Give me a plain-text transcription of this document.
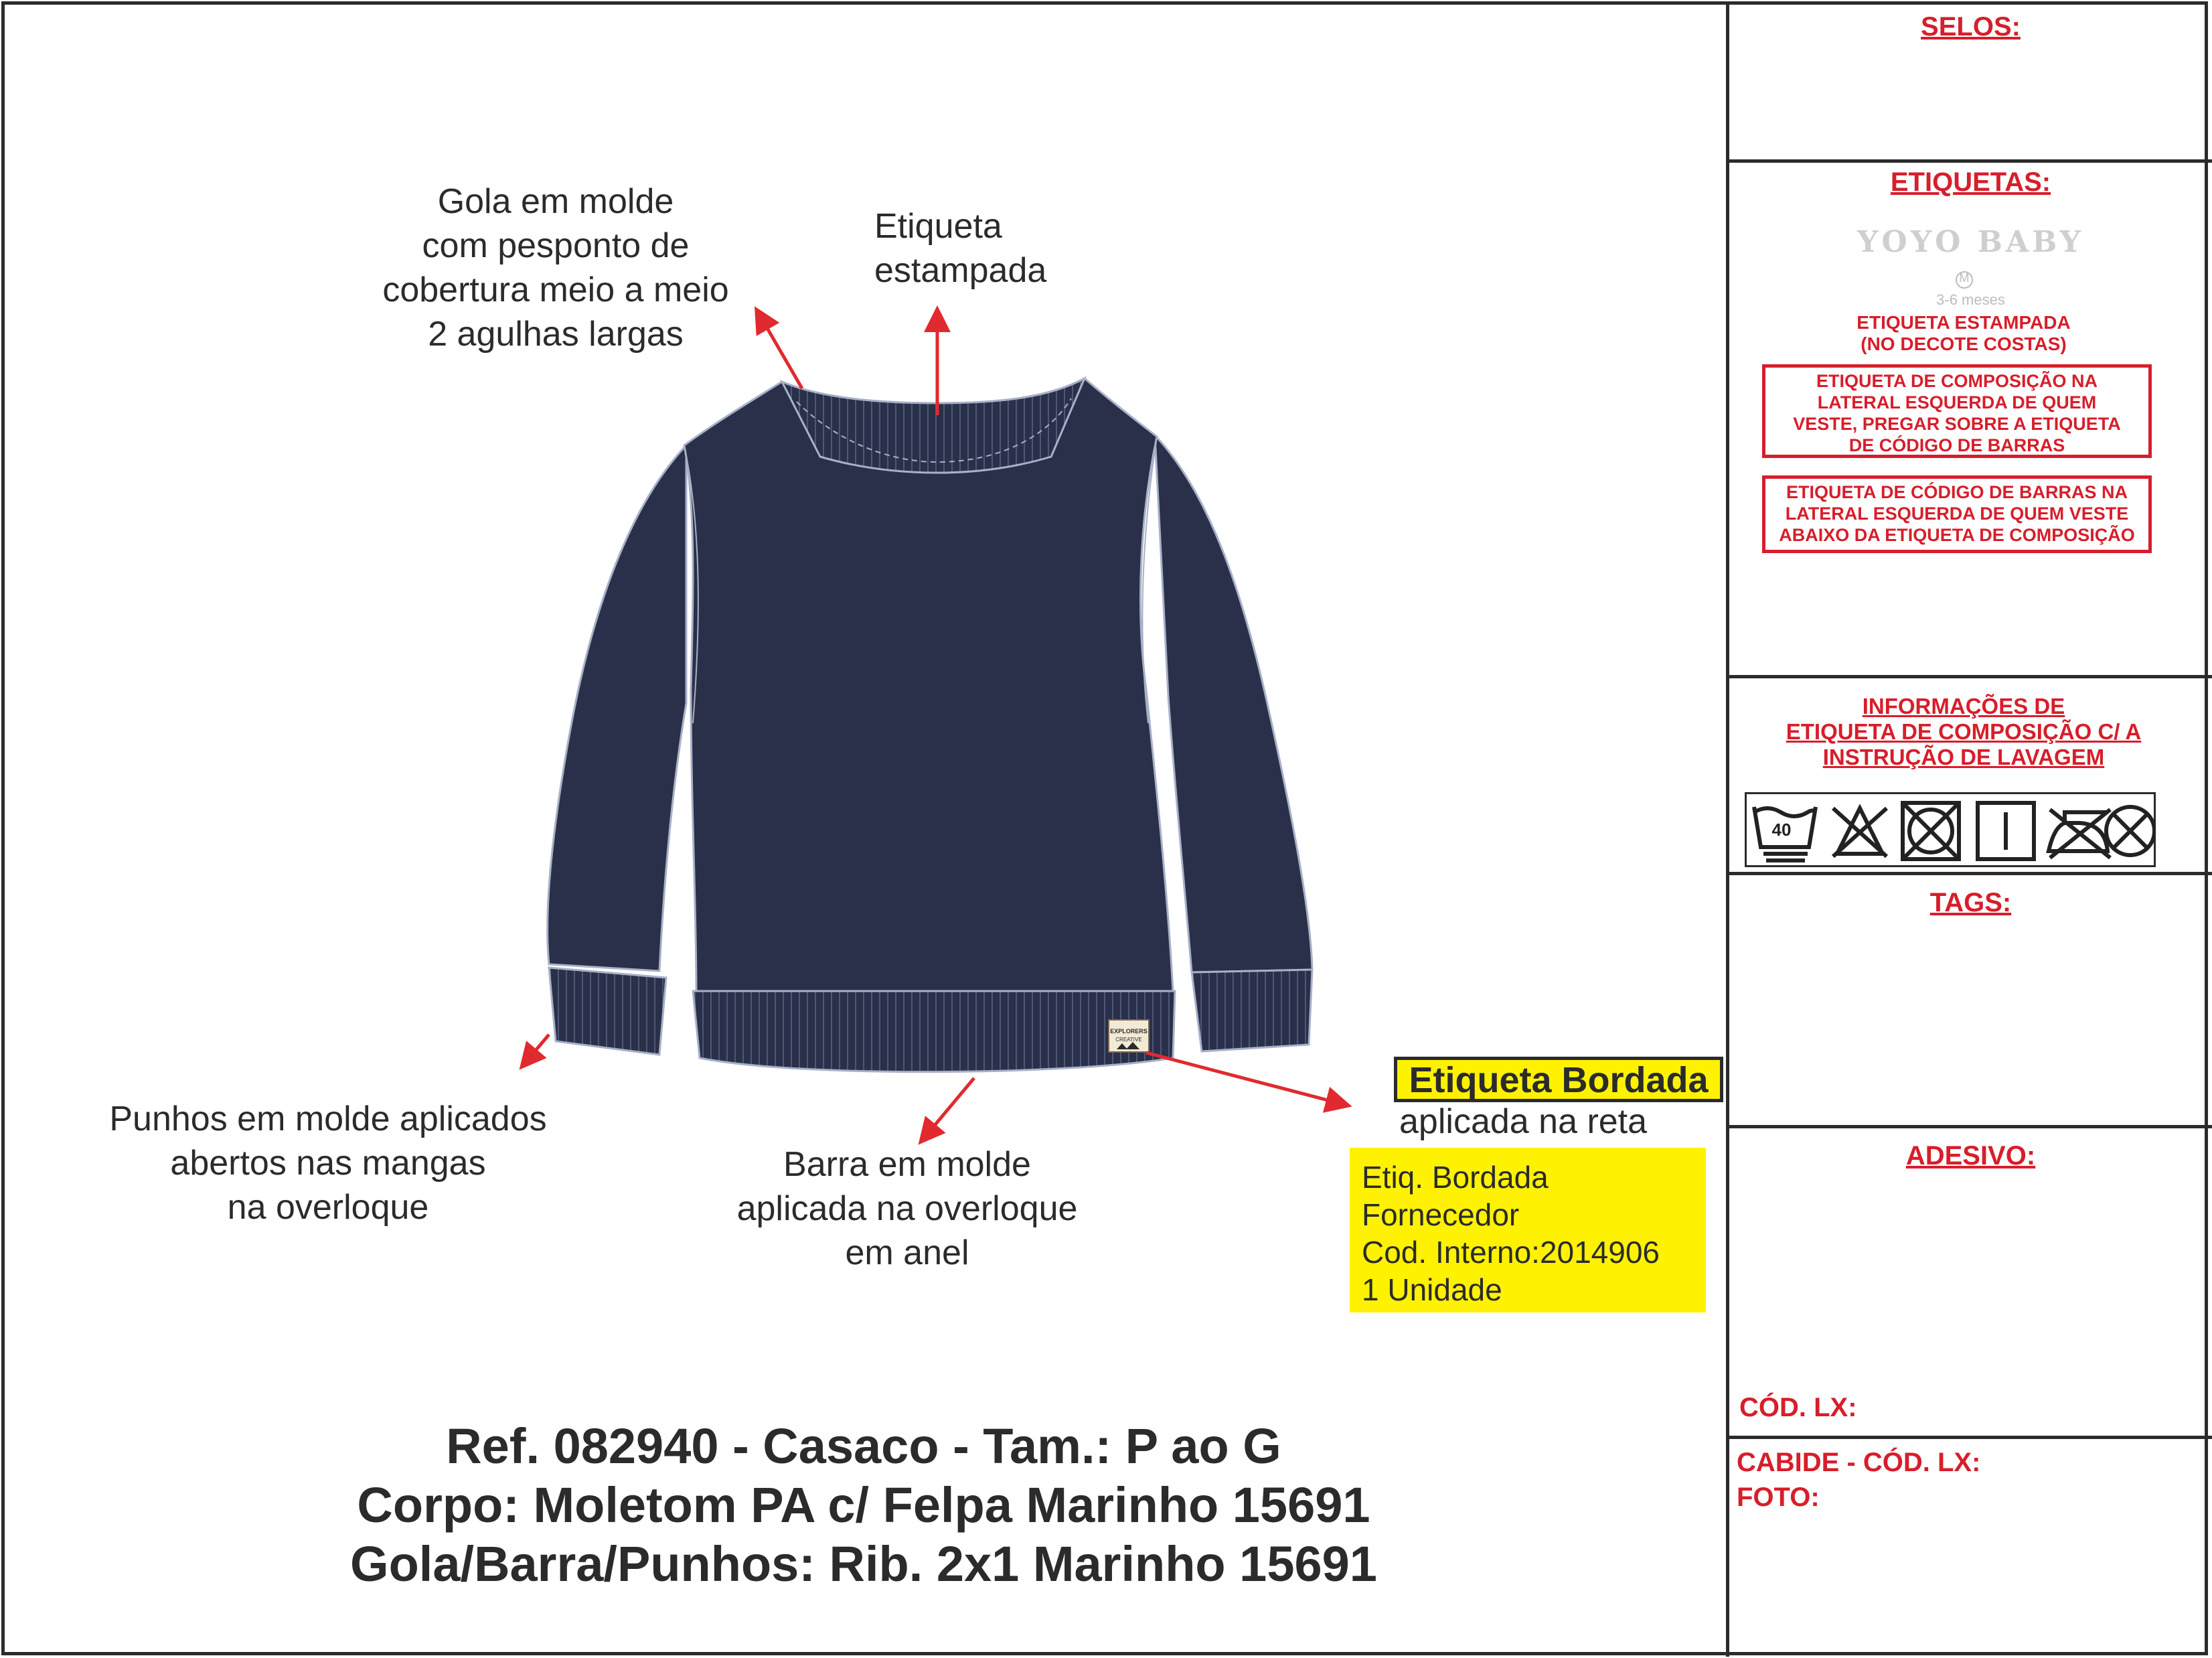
EXPLORERS
CREATIVE
Gola em molde
com pesponto de
cobertura meio a meio
2 agulhas largas
Etiqueta
estampada
Punhos em molde aplicados
abertos nas mangas
na overloque
Barra em molde
aplicada na overloque
em anel
Etiqueta Bordada
aplicada na reta
Etiq. Bordada
Fornecedor
Cod. Interno:2014906
1 Unidade
Ref. 082940 - Casaco - Tam.: P ao G
Corpo: Moletom PA c/ Felpa Marinho 15691
Gola/Barra/Punhos: Rib. 2x1 Marinho 15691
SELOS:
ETIQUETAS:
YOYO BABY
M
3-6 meses
ETIQUETA ESTAMPADA
(NO DECOTE COSTAS)
ETIQUETA DE COMPOSIÇÃO NA
LATERAL ESQUERDA DE QUEM
VESTE, PREGAR SOBRE A ETIQUETA
DE CÓDIGO DE BARRAS
ETIQUETA DE CÓDIGO DE BARRAS NA
LATERAL ESQUERDA DE QUEM VESTE
ABAIXO DA ETIQUETA DE COMPOSIÇÃO
INFORMAÇÕES DE
ETIQUETA DE COMPOSIÇÃO C/ A
INSTRUÇÃO DE LAVAGEM
40
TAGS:
ADESIVO:
CÓD. LX:
CABIDE - CÓD. LX:
FOTO:
